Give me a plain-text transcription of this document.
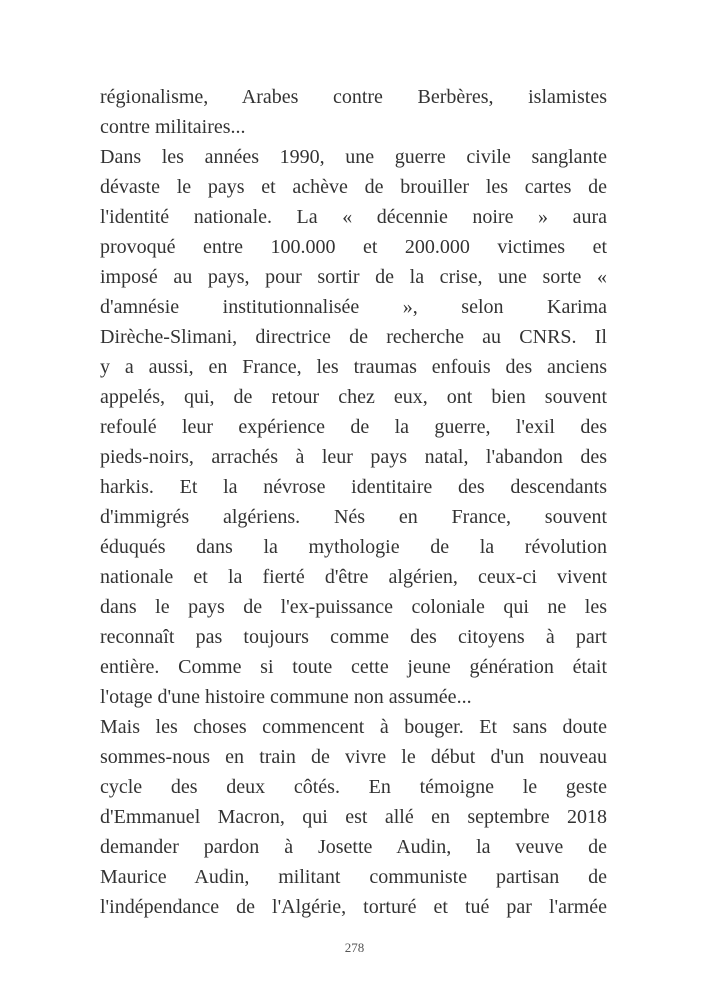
régionalisme, Arabes contre Berbères, islamistes
contre militaires...
Dans les années 1990, une guerre civile sanglante
dévaste le pays et achève de brouiller les cartes de
l'identité nationale. La « décennie noire » aura
provoqué entre 100.000 et 200.000 victimes et
imposé au pays, pour sortir de la crise, une sorte «
d'amnésie institutionnalisée », selon Karima
Dirèche-Slimani, directrice de recherche au CNRS. Il
y a aussi, en France, les traumas enfouis des anciens
appelés, qui, de retour chez eux, ont bien souvent
refoulé leur expérience de la guerre, l'exil des
pieds-noirs, arrachés à leur pays natal, l'abandon des
harkis. Et la névrose identitaire des descendants
d'immigrés algériens. Nés en France, souvent
éduqués dans la mythologie de la révolution
nationale et la fierté d'être algérien, ceux-ci vivent
dans le pays de l'ex-puissance coloniale qui ne les
reconnaît pas toujours comme des citoyens à part
entière. Comme si toute cette jeune génération était
l'otage d'une histoire commune non assumée...
Mais les choses commencent à bouger. Et sans doute
sommes-nous en train de vivre le début d'un nouveau
cycle des deux côtés. En témoigne le geste
d'Emmanuel Macron, qui est allé en septembre 2018
demander pardon à Josette Audin, la veuve de
Maurice Audin, militant communiste partisan de
l'indépendance de l'Algérie, torturé et tué par l'armée
278
